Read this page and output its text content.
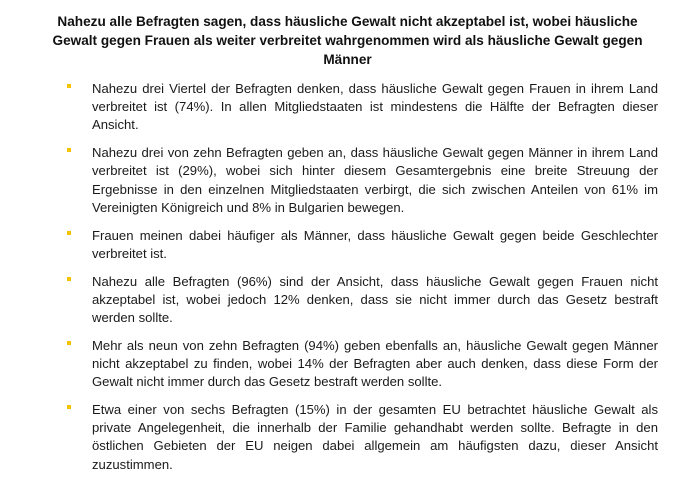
Nahezu alle Befragten sagen, dass häusliche Gewalt nicht akzeptabel ist, wobei häusliche Gewalt gegen Frauen als weiter verbreitet wahrgenommen wird als häusliche Gewalt gegen Männer
Nahezu drei Viertel der Befragten denken, dass häusliche Gewalt gegen Frauen in ihrem Land verbreitet ist (74%). In allen Mitgliedstaaten ist mindestens die Hälfte der Befragten dieser Ansicht.
Nahezu drei von zehn Befragten geben an, dass häusliche Gewalt gegen Männer in ihrem Land verbreitet ist (29%), wobei sich hinter diesem Gesamtergebnis eine breite Streuung der Ergebnisse in den einzelnen Mitgliedstaaten verbirgt, die sich zwischen Anteilen von 61% im Vereinigten Königreich und 8% in Bulgarien bewegen.
Frauen meinen dabei häufiger als Männer, dass häusliche Gewalt gegen beide Geschlechter verbreitet ist.
Nahezu alle Befragten (96%) sind der Ansicht, dass häusliche Gewalt gegen Frauen nicht akzeptabel ist, wobei jedoch 12% denken, dass sie nicht immer durch das Gesetz bestraft werden sollte.
Mehr als neun von zehn Befragten (94%) geben ebenfalls an, häusliche Gewalt gegen Männer nicht akzeptabel zu finden, wobei 14% der Befragten aber auch denken, dass diese Form der Gewalt nicht immer durch das Gesetz bestraft werden sollte.
Etwa einer von sechs Befragten (15%) in der gesamten EU betrachtet häusliche Gewalt als private Angelegenheit, die innerhalb der Familie gehandhabt werden sollte. Befragte in den östlichen Gebieten der EU neigen dabei allgemein am häufigsten dazu, dieser Ansicht zuzustimmen.
